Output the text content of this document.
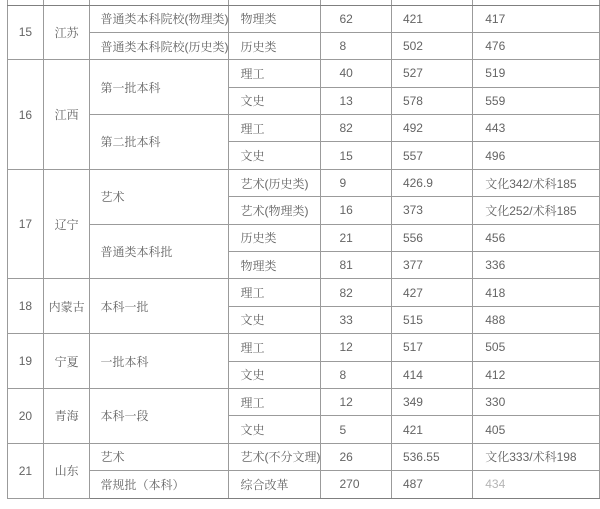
15	江苏	普通类本科院校(物理类)	物理类	62	421	417
		普通类本科院校(历史类)	历史类	8	502	476
16	江西	第一批本科	理工	40	527	519
			文史	13	578	559
		第二批本科	理工	82	492	443
			文史	15	557	496
17	辽宁	艺术	艺术(历史类)	9	426.9	文化342/术科185
			艺术(物理类)	16	373	文化252/术科185
		普通类本科批	历史类	21	556	456
			物理类	81	377	336
18	内蒙古	本科一批	理工	82	427	418
			文史	33	515	488
19	宁夏	一批本科	理工	12	517	505
			文史	8	414	412
20	青海	本科一段	理工	12	349	330
			文史	5	421	405
21	山东	艺术	艺术(不分文理)	26	536.55	文化333/术科198
		常规批（本科）	综合改革	270	487	434
